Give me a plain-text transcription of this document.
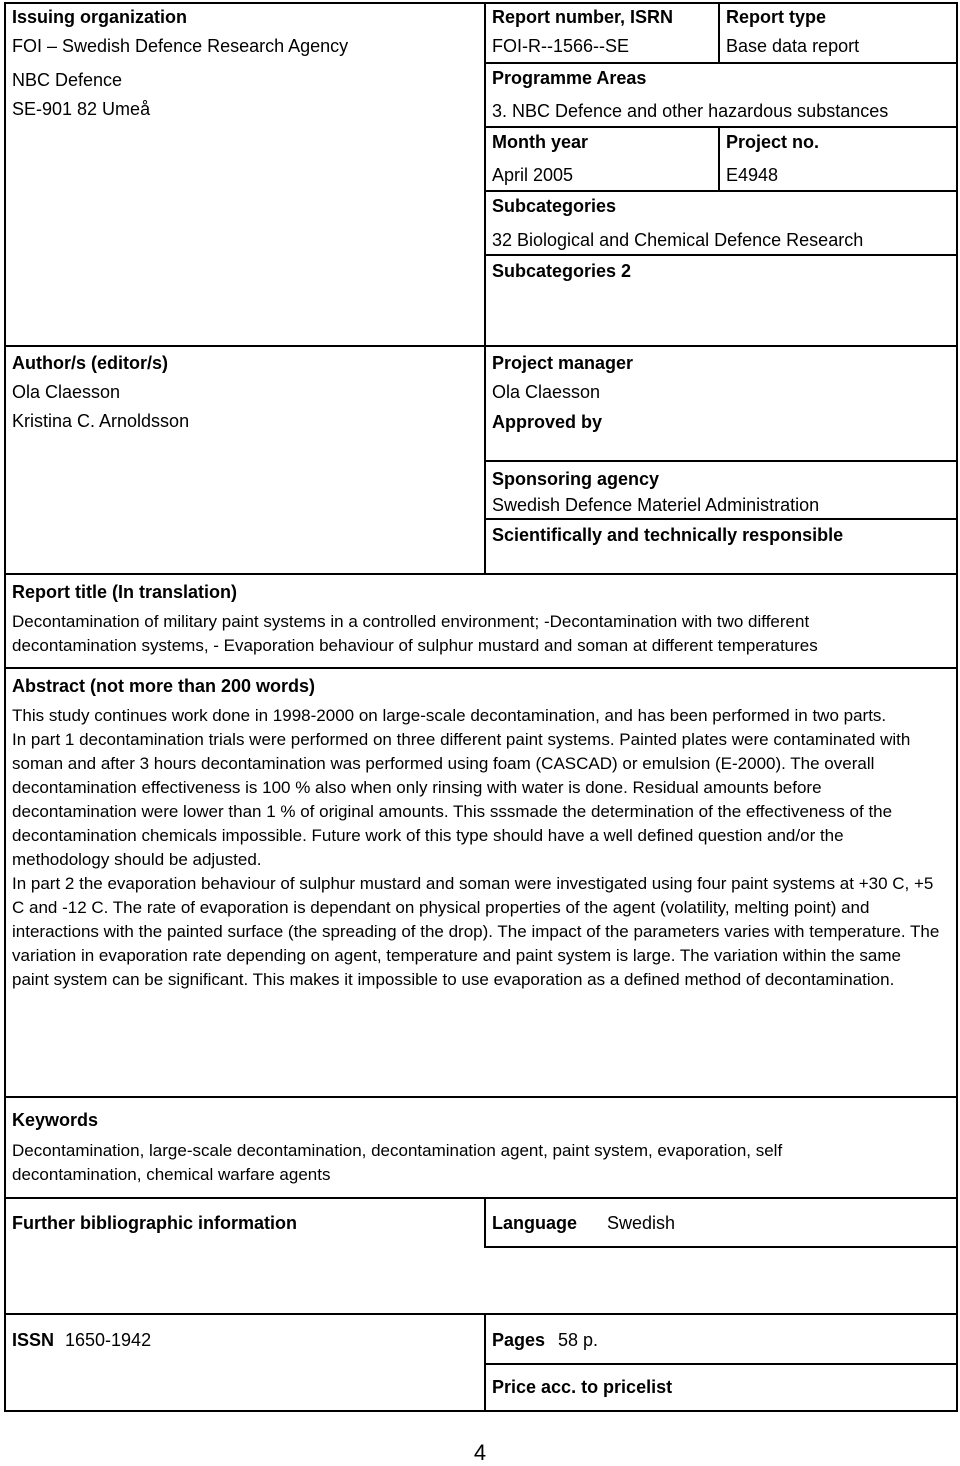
Issuing organization
FOI – Swedish Defence Research Agency
NBC Defence
SE-901 82 Umeå
Report number, ISRN
FOI-R--1566--SE
Report type
Base data report
Programme Areas
3. NBC Defence and other hazardous substances
Month year
April 2005
Project no.
E4948
Subcategories
32 Biological and Chemical Defence Research
Subcategories 2
Author/s (editor/s)
Ola Claesson
Kristina C. Arnoldsson
Project manager
Ola Claesson
Approved by
Sponsoring agency
Swedish Defence Materiel Administration
Scientifically and technically responsible
Report title (In translation)
Decontamination of military paint systems in a controlled environment; -Decontamination with two different decontamination systems, - Evaporation behaviour of sulphur mustard and soman at different temperatures
Abstract (not more than 200 words)

This study continues work done in 1998-2000 on large-scale decontamination, and has been performed in two parts.

In part 1 decontamination trials were performed on three different paint systems. Painted plates were contaminated with soman and after 3 hours decontamination was performed using foam (CASCAD) or emulsion (E-2000). The overall decontamination effectiveness is 100 % also when only rinsing with water is done. Residual amounts before decontamination were lower than 1 % of original amounts. This sssmade the determination of the effectiveness of the decontamination chemicals impossible. Future work of this type should have a well defined question and/or the methodology should be adjusted.

In part 2 the evaporation behaviour of sulphur mustard and soman were investigated using four paint systems at +30 C, +5 C and -12 C. The rate of evaporation is dependant on physical properties of the agent (volatility, melting point) and interactions with the painted surface (the spreading of the drop). The impact of the parameters varies with temperature. The variation in evaporation rate depending on agent, temperature and paint system is large. The variation within the same paint system can be significant. This makes it impossible to use evaporation as a defined method of decontamination.

Keywords
Decontamination, large-scale decontamination, decontamination agent, paint system, evaporation, self decontamination, chemical warfare agents
Further bibliographic information	Language Swedish
ISSN 1650-1942	Pages 58 p.
Price acc. to pricelist
4
